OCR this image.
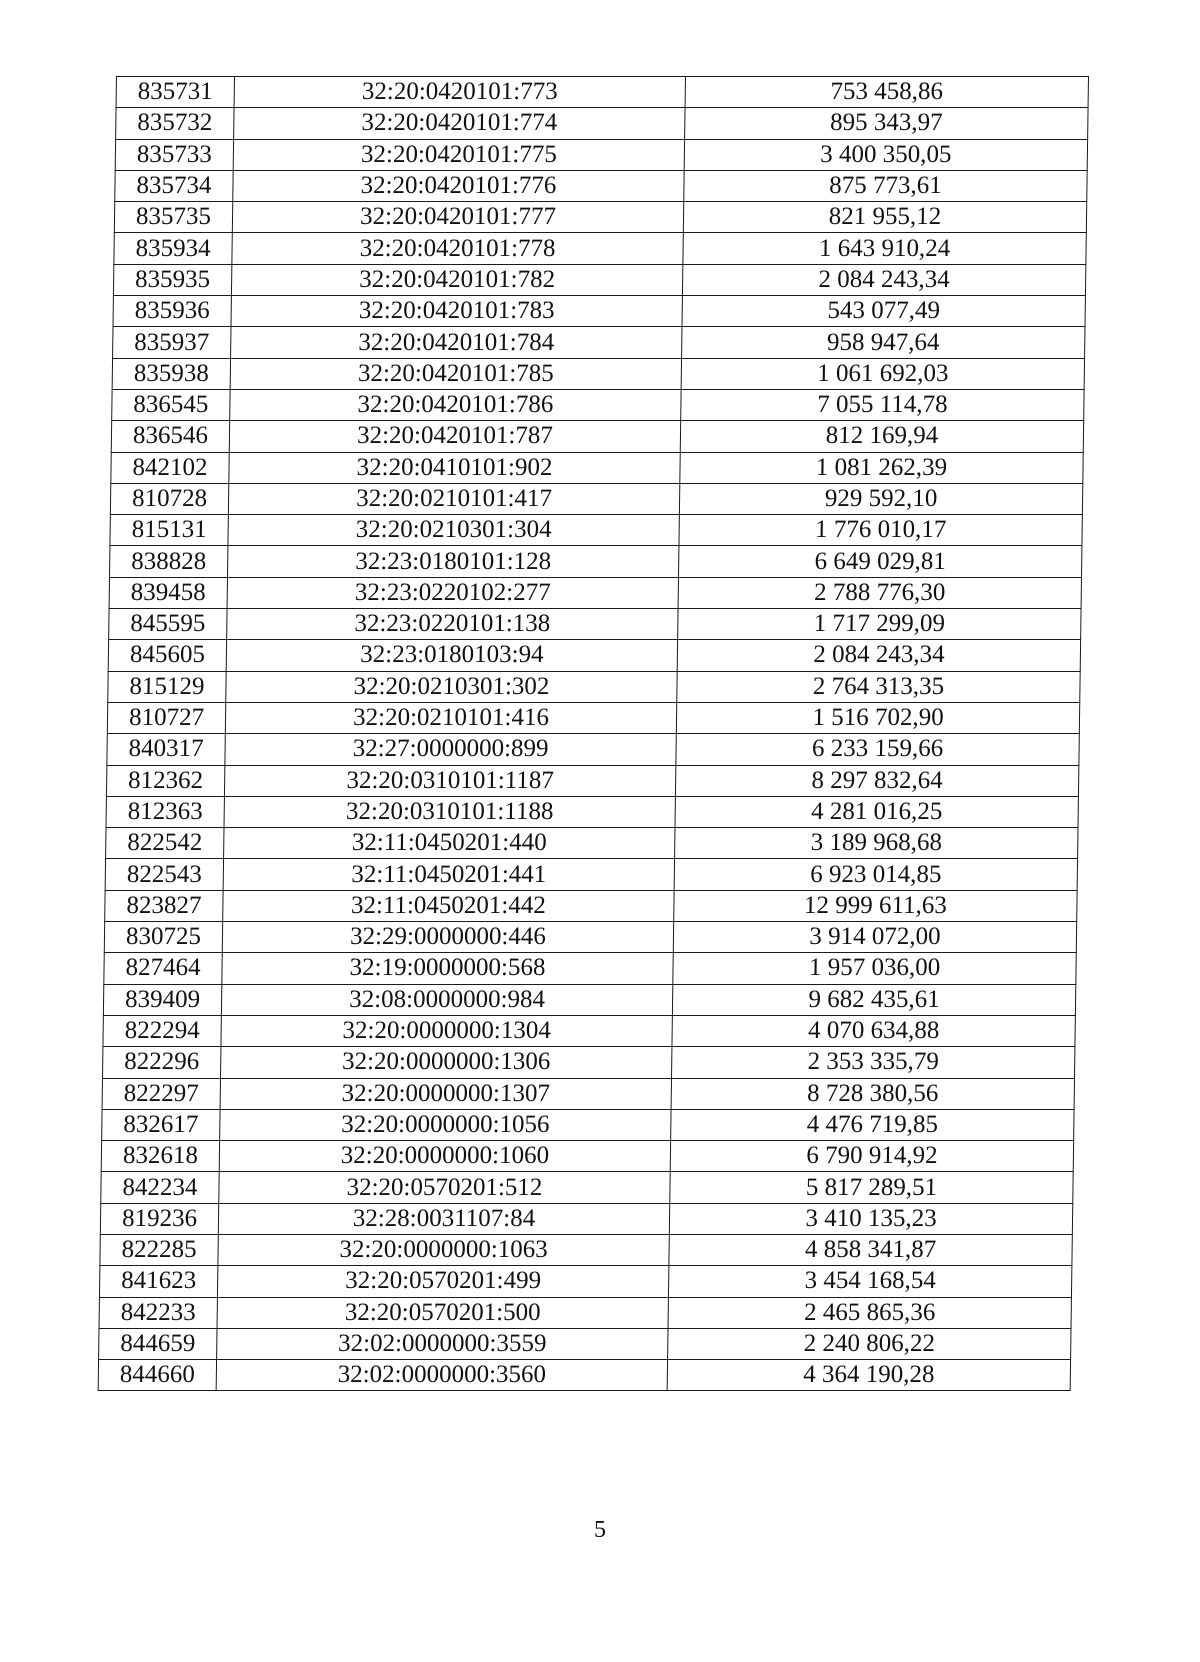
835731	32:20:0420101:773	753 458,86
835732	32:20:0420101:774	895 343,97
835733	32:20:0420101:775	3 400 350,05
835734	32:20:0420101:776	875 773,61
835735	32:20:0420101:777	821 955,12
835934	32:20:0420101:778	1 643 910,24
835935	32:20:0420101:782	2 084 243,34
835936	32:20:0420101:783	543 077,49
835937	32:20:0420101:784	958 947,64
835938	32:20:0420101:785	1 061 692,03
836545	32:20:0420101:786	7 055 114,78
836546	32:20:0420101:787	812 169,94
842102	32:20:0410101:902	1 081 262,39
810728	32:20:0210101:417	929 592,10
815131	32:20:0210301:304	1 776 010,17
838828	32:23:0180101:128	6 649 029,81
839458	32:23:0220102:277	2 788 776,30
845595	32:23:0220101:138	1 717 299,09
845605	32:23:0180103:94	2 084 243,34
815129	32:20:0210301:302	2 764 313,35
810727	32:20:0210101:416	1 516 702,90
840317	32:27:0000000:899	6 233 159,66
812362	32:20:0310101:1187	8 297 832,64
812363	32:20:0310101:1188	4 281 016,25
822542	32:11:0450201:440	3 189 968,68
822543	32:11:0450201:441	6 923 014,85
823827	32:11:0450201:442	12 999 611,63
830725	32:29:0000000:446	3 914 072,00
827464	32:19:0000000:568	1 957 036,00
839409	32:08:0000000:984	9 682 435,61
822294	32:20:0000000:1304	4 070 634,88
822296	32:20:0000000:1306	2 353 335,79
822297	32:20:0000000:1307	8 728 380,56
832617	32:20:0000000:1056	4 476 719,85
832618	32:20:0000000:1060	6 790 914,92
842234	32:20:0570201:512	5 817 289,51
819236	32:28:0031107:84	3 410 135,23
822285	32:20:0000000:1063	4 858 341,87
841623	32:20:0570201:499	3 454 168,54
842233	32:20:0570201:500	2 465 865,36
844659	32:02:0000000:3559	2 240 806,22
844660	32:02:0000000:3560	4 364 190,28
5
